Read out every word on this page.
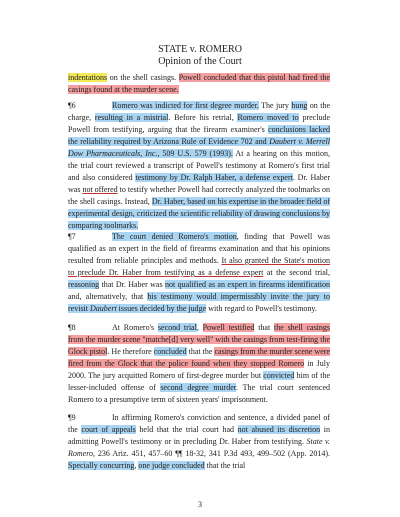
STATE v. ROMERO
Opinion of the Court

indentations on the shell casings. Powell concluded that this pistol had fired the casings found at the murder scene.

¶6	Romero was indicted for first degree murder. The jury hung on the charge, resulting in a mistrial. Before his retrial, Romero moved to preclude Powell from testifying, arguing that the firearm examiner's conclusions lacked the reliability required by Arizona Rule of Evidence 702 and Daubert v. Merrell Dow Pharmaceuticals, Inc., 509 U.S. 579 (1993). At a hearing on this motion, the trial court reviewed a transcript of Powell's testimony at Romero's first trial and also considered testimony by Dr. Ralph Haber, a defense expert. Dr. Haber was not offered to testify whether Powell had correctly analyzed the toolmarks on the shell casings. Instead, Dr. Haber, based on his expertise in the broader field of experimental design, criticized the scientific reliability of drawing conclusions by comparing toolmarks.

¶7	The court denied Romero's motion, finding that Powell was qualified as an expert in the field of firearms examination and that his opinions resulted from reliable principles and methods. It also granted the State's motion to preclude Dr. Haber from testifying as a defense expert at the second trial, reasoning that Dr. Haber was not qualified as an expert in firearms identification and, alternatively, that his testimony would impermissibly invite the jury to revisit Daubert issues decided by the judge with regard to Powell's testimony.

¶8	At Romero's second trial, Powell testified that the shell casings from the murder scene "matche[d] very well" with the casings from test-firing the Glock pistol. He therefore concluded that the casings from the murder scene were fired from the Glock that the police found when they stopped Romero in July 2000. The jury acquitted Romero of first-degree murder but convicted him of the lesser-included offense of second degree murder. The trial court sentenced Romero to a presumptive term of sixteen years' imprisonment.

¶9	In affirming Romero's conviction and sentence, a divided panel of the court of appeals held that the trial court had not abused its discretion in admitting Powell's testimony or in precluding Dr. Haber from testifying. State v. Romero, 236 Ariz. 451, 457–60 ¶¶ 18-32, 341 P.3d 493, 499–502 (App. 2014). Specially concurring, one judge concluded that the trial

3
